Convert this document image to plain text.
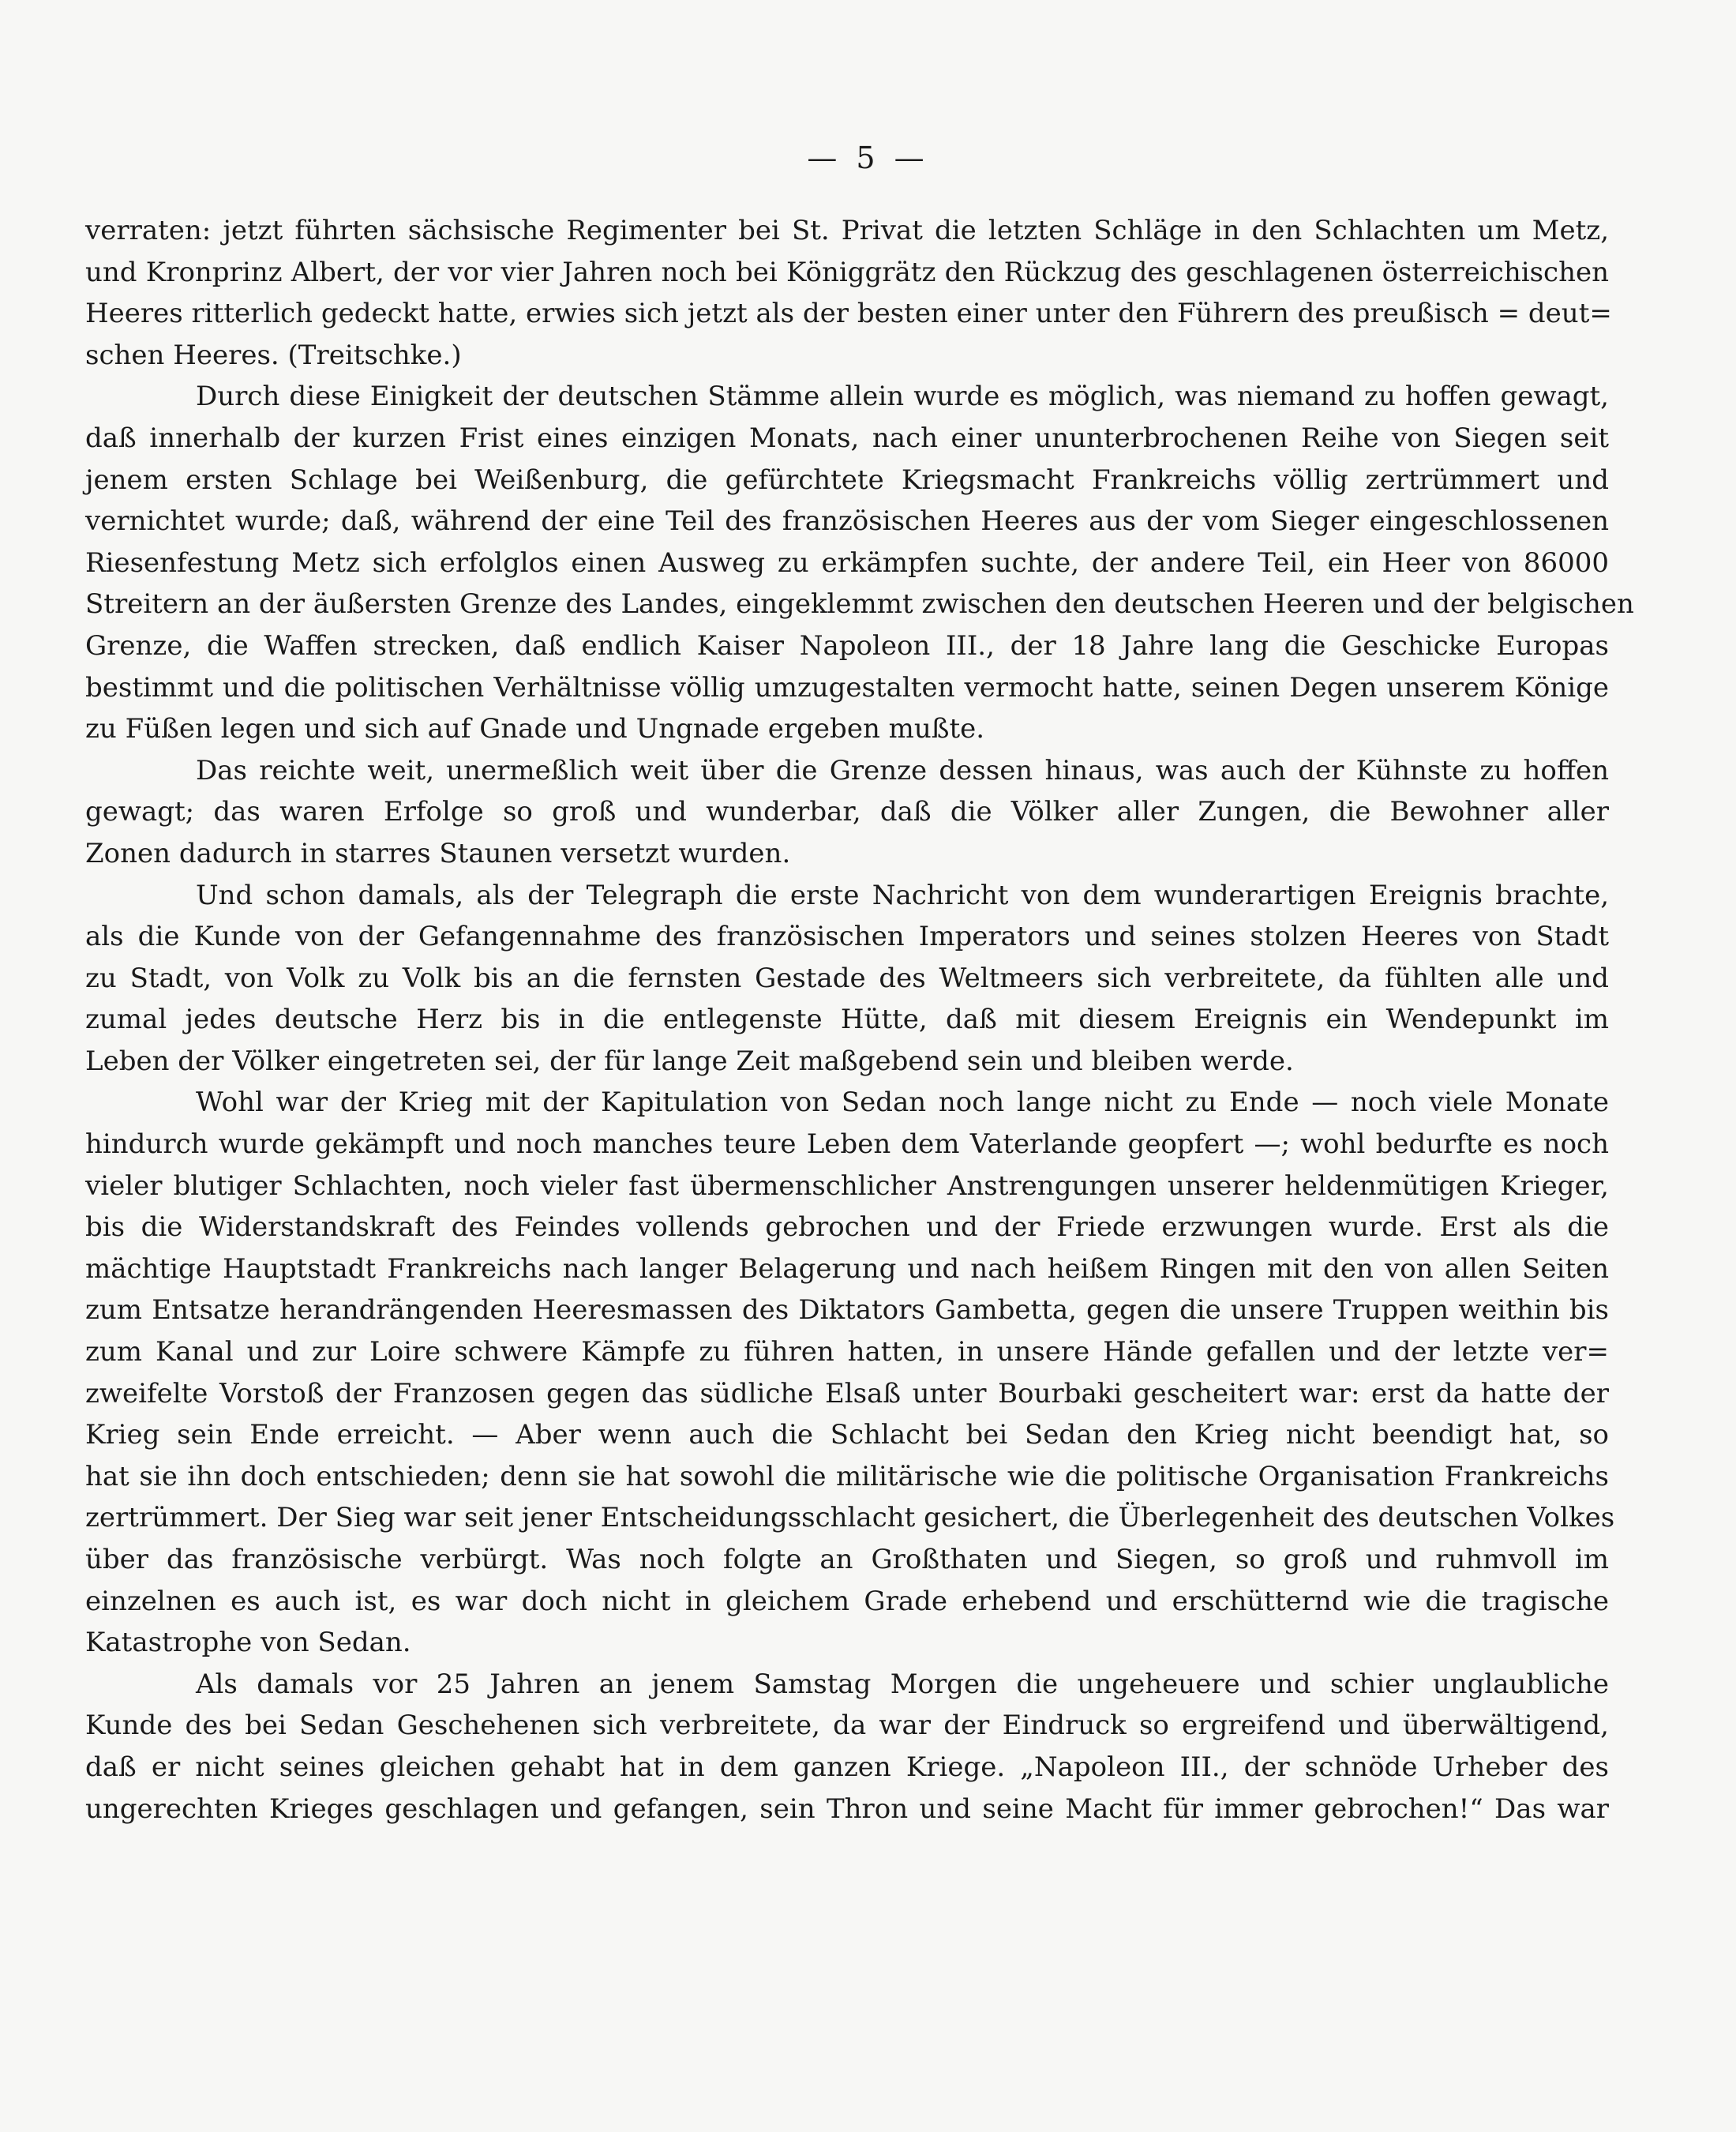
— 5 —
verraten: jetzt führten sächsische Regimenter bei St. Privat die letzten Schläge in den Schlachten um Metz,
und Kronprinz Albert, der vor vier Jahren noch bei Königgrätz den Rückzug des geschlagenen österreichischen
Heeres ritterlich gedeckt hatte, erwies sich jetzt als der besten einer unter den Führern des preußisch = deut=
schen Heeres. (Treitschke.)
Durch diese Einigkeit der deutschen Stämme allein wurde es möglich, was niemand zu hoffen gewagt,
daß innerhalb der kurzen Frist eines einzigen Monats, nach einer ununterbrochenen Reihe von Siegen seit
jenem ersten Schlage bei Weißenburg, die gefürchtete Kriegsmacht Frankreichs völlig zertrümmert und
vernichtet wurde; daß, während der eine Teil des französischen Heeres aus der vom Sieger eingeschlossenen
Riesenfestung Metz sich erfolglos einen Ausweg zu erkämpfen suchte, der andere Teil, ein Heer von 86000
Streitern an der äußersten Grenze des Landes, eingeklemmt zwischen den deutschen Heeren und der belgischen
Grenze, die Waffen strecken, daß endlich Kaiser Napoleon III., der 18 Jahre lang die Geschicke Europas
bestimmt und die politischen Verhältnisse völlig umzugestalten vermocht hatte, seinen Degen unserem Könige
zu Füßen legen und sich auf Gnade und Ungnade ergeben mußte.
Das reichte weit, unermeßlich weit über die Grenze dessen hinaus, was auch der Kühnste zu hoffen
gewagt; das waren Erfolge so groß und wunderbar, daß die Völker aller Zungen, die Bewohner aller
Zonen dadurch in starres Staunen versetzt wurden.
Und schon damals, als der Telegraph die erste Nachricht von dem wunderartigen Ereignis brachte,
als die Kunde von der Gefangennahme des französischen Imperators und seines stolzen Heeres von Stadt
zu Stadt, von Volk zu Volk bis an die fernsten Gestade des Weltmeers sich verbreitete, da fühlten alle und
zumal jedes deutsche Herz bis in die entlegenste Hütte, daß mit diesem Ereignis ein Wendepunkt im
Leben der Völker eingetreten sei, der für lange Zeit maßgebend sein und bleiben werde.
Wohl war der Krieg mit der Kapitulation von Sedan noch lange nicht zu Ende — noch viele Monate
hindurch wurde gekämpft und noch manches teure Leben dem Vaterlande geopfert —; wohl bedurfte es noch
vieler blutiger Schlachten, noch vieler fast übermenschlicher Anstrengungen unserer heldenmütigen Krieger,
bis die Widerstandskraft des Feindes vollends gebrochen und der Friede erzwungen wurde. Erst als die
mächtige Hauptstadt Frankreichs nach langer Belagerung und nach heißem Ringen mit den von allen Seiten
zum Entsatze herandrängenden Heeresmassen des Diktators Gambetta, gegen die unsere Truppen weithin bis
zum Kanal und zur Loire schwere Kämpfe zu führen hatten, in unsere Hände gefallen und der letzte ver=
zweifelte Vorstoß der Franzosen gegen das südliche Elsaß unter Bourbaki gescheitert war: erst da hatte der
Krieg sein Ende erreicht. — Aber wenn auch die Schlacht bei Sedan den Krieg nicht beendigt hat, so
hat sie ihn doch entschieden; denn sie hat sowohl die militärische wie die politische Organisation Frankreichs
zertrümmert. Der Sieg war seit jener Entscheidungsschlacht gesichert, die Überlegenheit des deutschen Volkes
über das französische verbürgt. Was noch folgte an Großthaten und Siegen, so groß und ruhmvoll im
einzelnen es auch ist, es war doch nicht in gleichem Grade erhebend und erschütternd wie die tragische
Katastrophe von Sedan.
Als damals vor 25 Jahren an jenem Samstag Morgen die ungeheuere und schier unglaubliche
Kunde des bei Sedan Geschehenen sich verbreitete, da war der Eindruck so ergreifend und überwältigend,
daß er nicht seines gleichen gehabt hat in dem ganzen Kriege. „Napoleon III., der schnöde Urheber des
ungerechten Krieges geschlagen und gefangen, sein Thron und seine Macht für immer gebrochen!“ Das war
